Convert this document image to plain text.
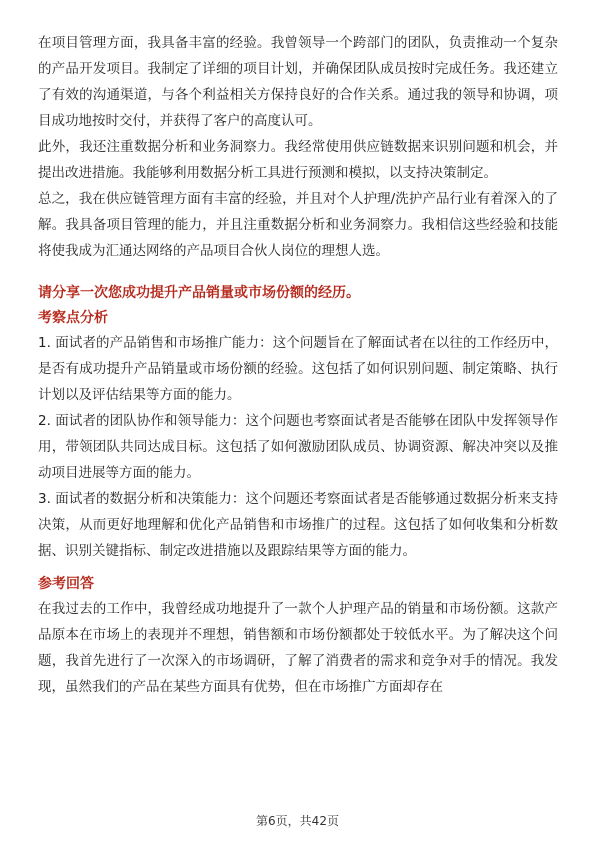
在项目管理方面，我具备丰富的经验。我曾领导一个跨部门的团队，负责推动一个复杂的产品开发项目。我制定了详细的项目计划，并确保团队成员按时完成任务。我还建立了有效的沟通渠道，与各个利益相关方保持良好的合作关系。通过我的领导和协调，项目成功地按时交付，并获得了客户的高度认可。

此外，我还注重数据分析和业务洞察力。我经常使用供应链数据来识别问题和机会，并提出改进措施。我能够利用数据分析工具进行预测和模拟，以支持决策制定。

总之，我在供应链管理方面有丰富的经验，并且对个人护理/洗护产品行业有着深入的了解。我具备项目管理的能力，并且注重数据分析和业务洞察力。我相信这些经验和技能将使我成为汇通达网络的产品项目合伙人岗位的理想人选。

请分享一次您成功提升产品销量或市场份额的经历。

考察点分析

1. 面试者的产品销售和市场推广能力：这个问题旨在了解面试者在以往的工作经历中，是否有成功提升产品销量或市场份额的经验。这包括了如何识别问题、制定策略、执行计划以及评估结果等方面的能力。

2. 面试者的团队协作和领导能力：这个问题也考察面试者是否能够在团队中发挥领导作用，带领团队共同达成目标。这包括了如何激励团队成员、协调资源、解决冲突以及推动项目进展等方面的能力。

3. 面试者的数据分析和决策能力：这个问题还考察面试者是否能够通过数据分析来支持决策，从而更好地理解和优化产品销售和市场推广的过程。这包括了如何收集和分析数据、识别关键指标、制定改进措施以及跟踪结果等方面的能力。

参考回答

在我过去的工作中，我曾经成功地提升了一款个人护理产品的销量和市场份额。这款产品原本在市场上的表现并不理想，销售额和市场份额都处于较低水平。为了解决这个问题，我首先进行了一次深入的市场调研，了解了消费者的需求和竞争对手的情况。我发现，虽然我们的产品在某些方面具有优势，但在市场推广方面却存在

第6页，共42页
